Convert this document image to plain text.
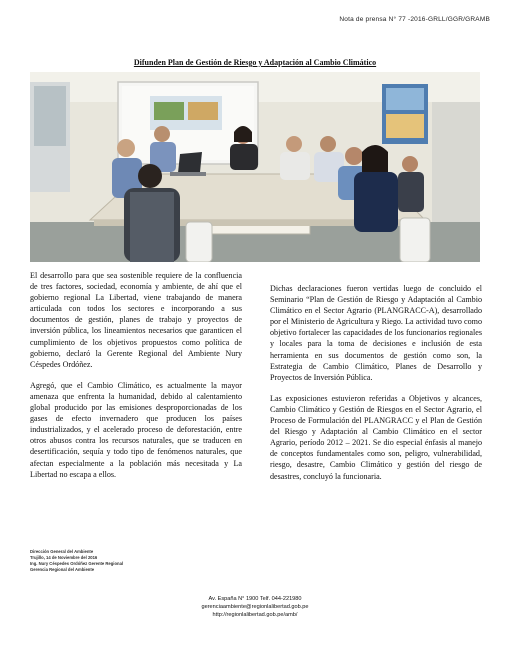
Nota de prensa N° 77 -2016-GRLL/GGR/GRAMB
Difunden Plan de Gestión de Riesgo y Adaptación al Cambio Climático

El desarrollo para que sea sostenible requiere de la confluencia de tres factores, sociedad, economía y ambiente, de ahí que el gobierno regional La Libertad, viene trabajando de manera articulada con todos los sectores e incorporando a sus documentos de gestión, planes de trabajo y proyectos de inversión pública, los lineamientos necesarios que garanticen el cumplimiento de los objetivos propuestos como política de gobierno, declaró la Gerente Regional del Ambiente Nury Céspedes Ordóñez.

Agregó, que el Cambio Climático, es actualmente la mayor amenaza que enfrenta la humanidad, debido al calentamiento global producido por las emisiones desproporcionadas de los gases de efecto invernadero que producen los países industrializados, y el acelerado proceso de deforestación, entre otros abusos contra los recursos naturales, que se traducen en desertificación, sequía y todo tipo de fenómenos naturales, que afectan especialmente a la población más necesitada y La Libertad no escapa a ellos.

Dichas declaraciones fueron vertidas luego de concluido el Seminario “Plan de Gestión de Riesgo y Adaptación al Cambio Climático en el Sector Agrario (PLANGRACC-A), desarrollado por el Ministerio de Agricultura y Riego. La actividad tuvo como objetivo fortalecer las capacidades de los funcionarios regionales y locales para la toma de decisiones e inclusión de esta herramienta en sus documentos de gestión como son, la Estrategia de Cambio Climático, Planes de Desarrollo y Proyectos de Inversión Pública.

Las exposiciones estuvieron referidas a Objetivos y alcances, Cambio Climático y Gestión de Riesgos en el Sector Agrario, el Proceso de Formulación del PLANGRACC y el Plan de Gestión del Riesgo y Adaptación al Cambio Climático en el sector Agrario, período 2012 – 2021. Se dio especial énfasis al manejo de conceptos fundamentales como son, peligro, vulnerabilidad, riesgo, desastre, Cambio Climático y gestión del riesgo de desastres, concluyó la funcionaria.

Dirección General del Ambiente
Trujillo, 14 de Noviembre del 2016
Ing. Nury Céspedes Ordóñez Gerente Regional
Gerencia Regional del Ambiente
Av. España N° 1900 Telf. 044-221980
gerenciaambiente@regionlalibertad.gob.pe
http://regionlalibertad.gob.pe/amb/
